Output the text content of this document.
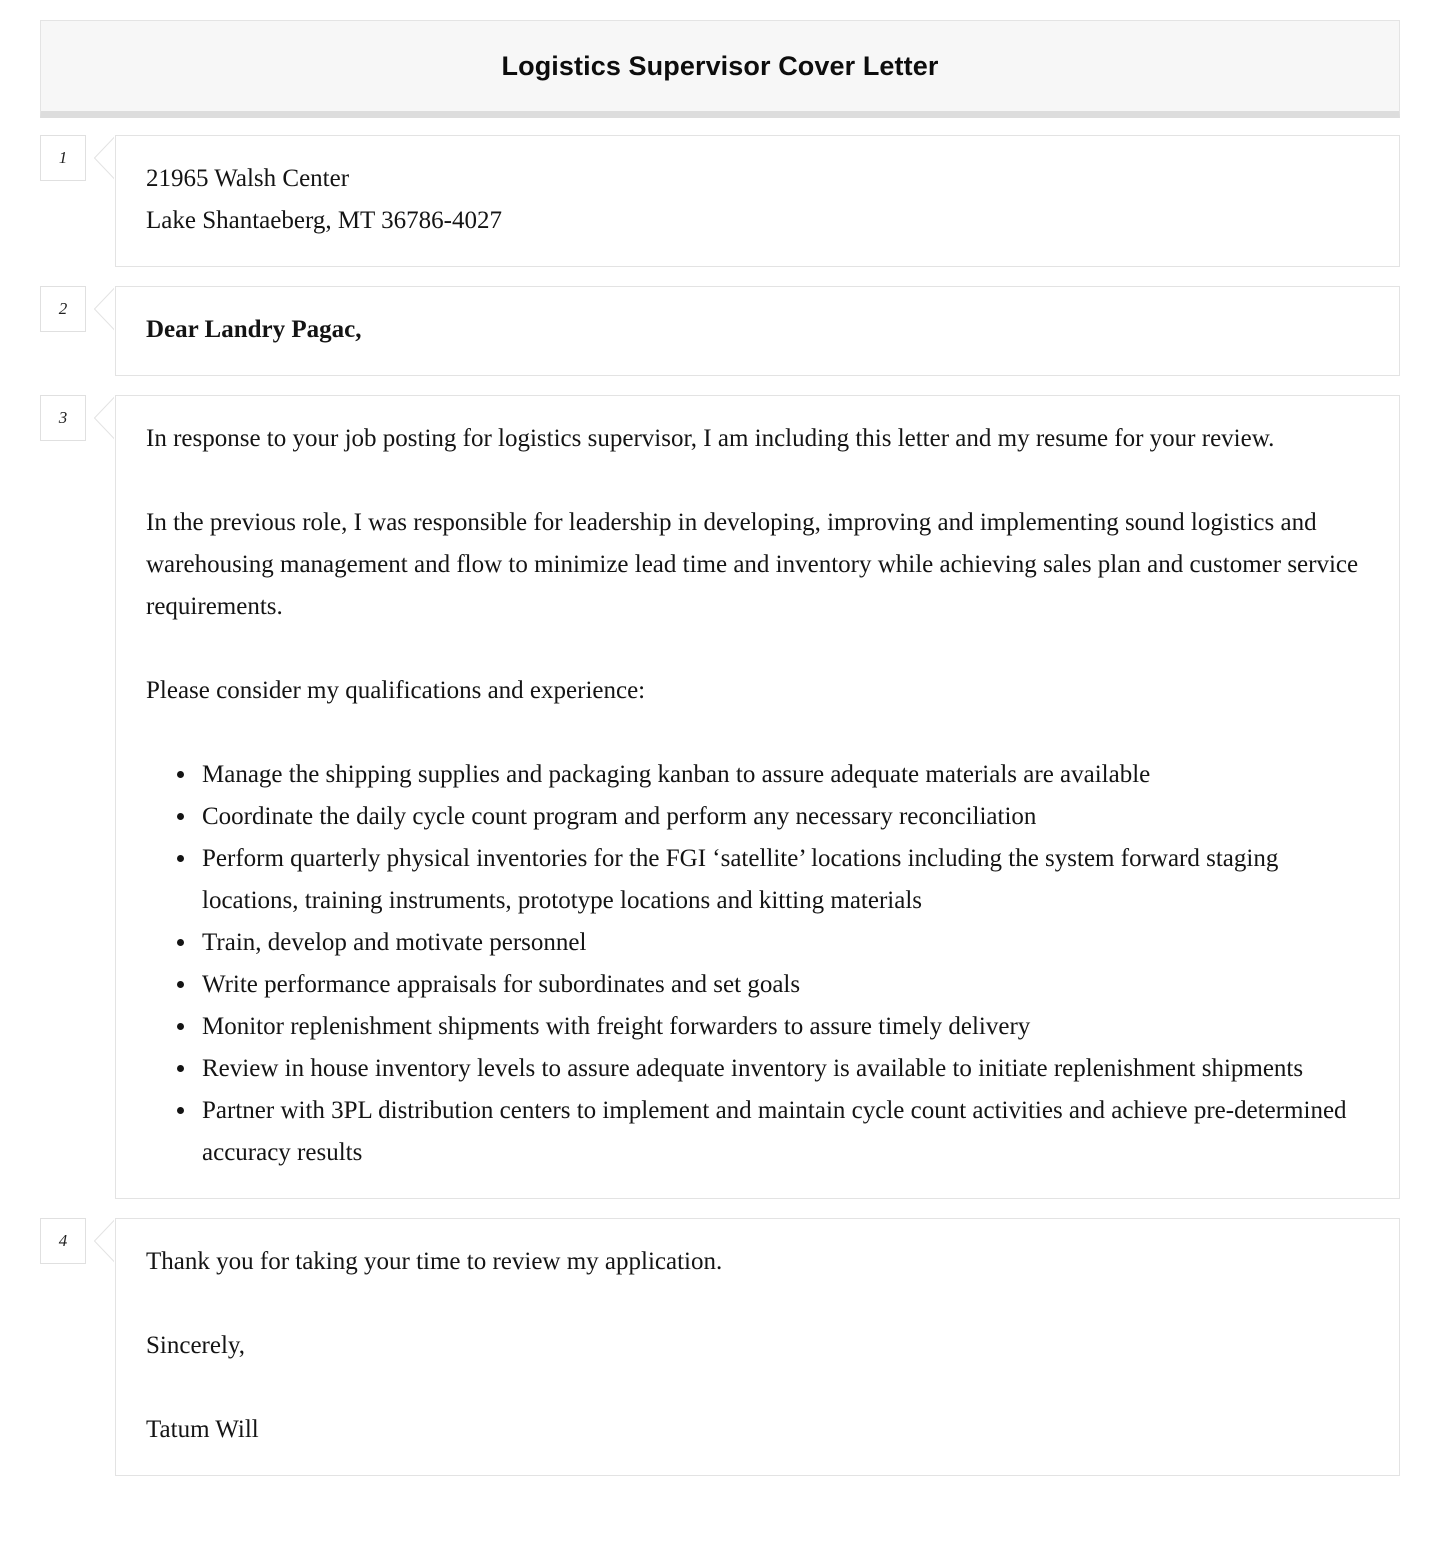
Logistics Supervisor Cover Letter
1
21965 Walsh Center
Lake Shantaeberg, MT 36786-4027
2
Dear Landry Pagac,
3

In response to your job posting for logistics supervisor, I am including this letter and my resume for your review.

In the previous role, I was responsible for leadership in developing, improving and implementing sound logistics and warehousing management and flow to minimize lead time and inventory while achieving sales plan and customer service requirements.

Please consider my qualifications and experience:

• Manage the shipping supplies and packaging kanban to assure adequate materials are available
• Coordinate the daily cycle count program and perform any necessary reconciliation
• Perform quarterly physical inventories for the FGI ‘satellite’ locations including the system forward staging locations, training instruments, prototype locations and kitting materials
• Train, develop and motivate personnel
• Write performance appraisals for subordinates and set goals
• Monitor replenishment shipments with freight forwarders to assure timely delivery
• Review in house inventory levels to assure adequate inventory is available to initiate replenishment shipments
• Partner with 3PL distribution centers to implement and maintain cycle count activities and achieve pre-determined accuracy results
4

Thank you for taking your time to review my application.

Sincerely,

Tatum Will
